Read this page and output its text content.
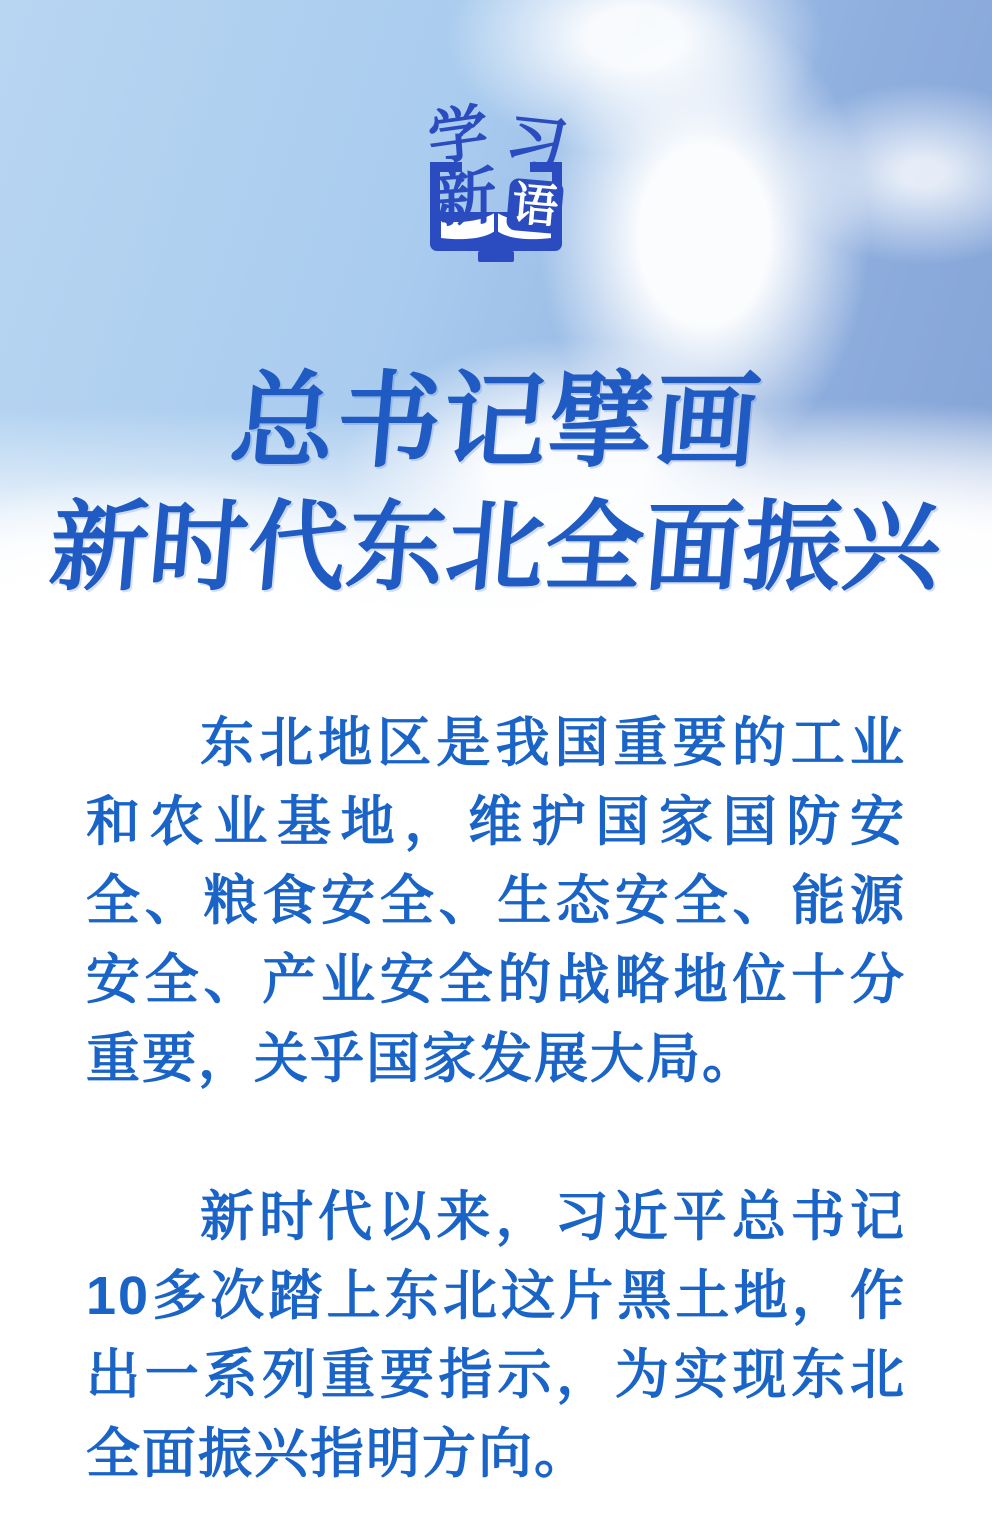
学 习
新 语
总书记擘画
新时代东北全面振兴
东北地区是我国重要的工业
和农业基地，维护国家国防安
全、粮食安全、生态安全、能源
安全、产业安全的战略地位十分
重要，关乎国家发展大局。
新时代以来，习近平总书记
10多次踏上东北这片黑土地，作
出一系列重要指示，为实现东北
全面振兴指明方向。
